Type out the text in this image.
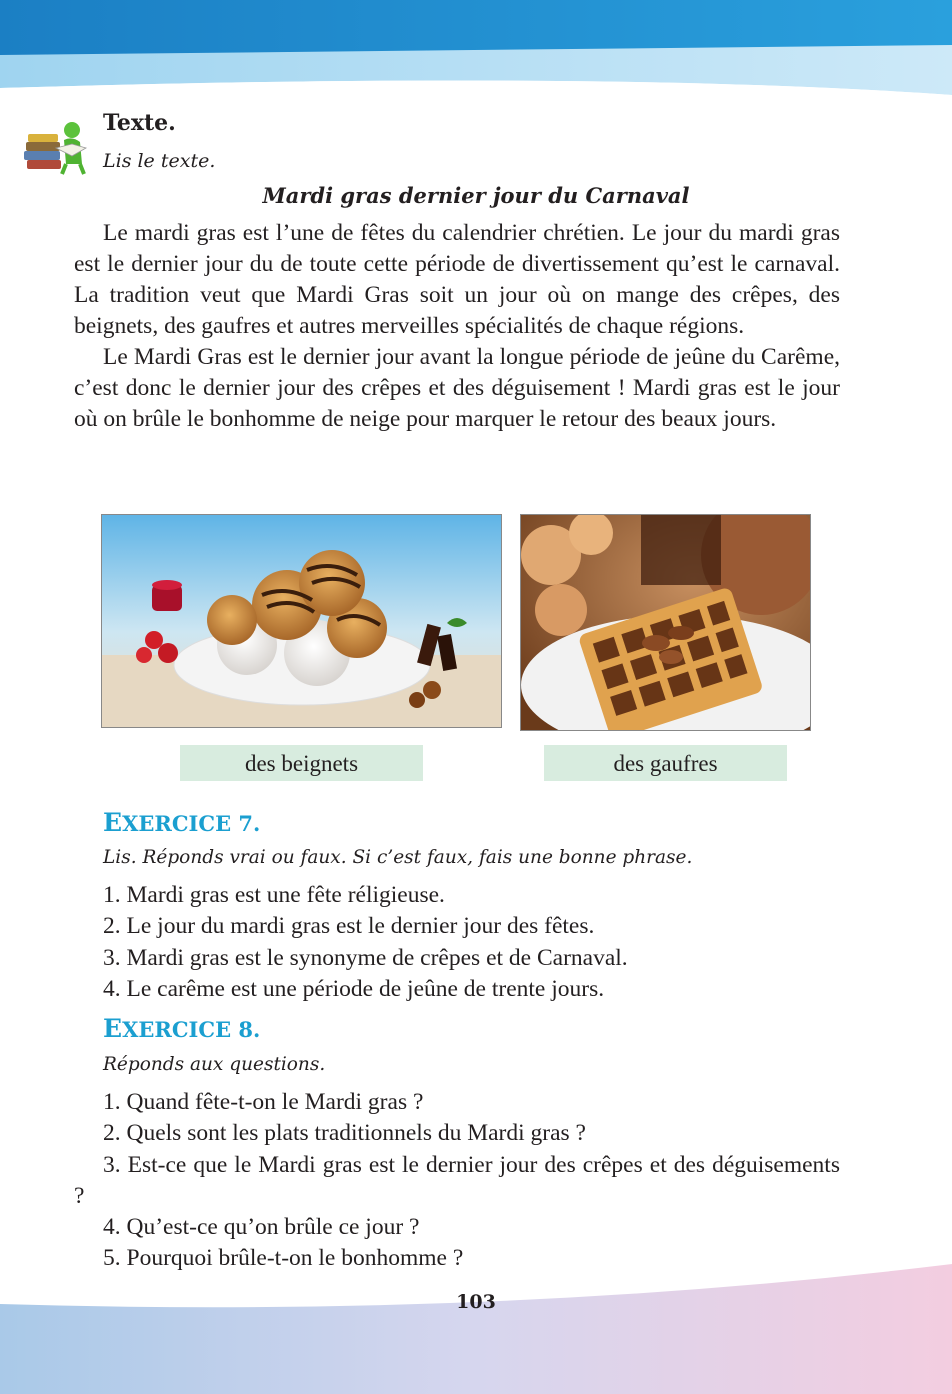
Texte.
Lis le texte.
Mardi gras dernier jour du Carnaval

Le mardi gras est l’une de fêtes du calendrier chrétien. Le jour du mardi gras est le dernier jour du de toute cette période de divertissement qu’est le carnaval. La tradition veut que Mardi Gras soit un jour où on mange des crêpes, des beignets, des gaufres et autres merveilles spécialités de chaque régions.

Le Mardi Gras est le dernier jour avant la longue période de jeûne du Carême, c’est donc le dernier jour des crêpes et des déguisement ! Mardi gras est le jour où on brûle le bonhomme de neige pour marquer le retour des beaux jours.

des beignets	des gaufres
EXERCICE 7.
Lis. Réponds vrai ou faux. Si c’est faux, fais une bonne phrase.
1. Mardi gras est une fête réligieuse.
2. Le jour du mardi gras est le dernier jour des fêtes.
3. Mardi gras est le synonyme de crêpes et de Carnaval.
4. Le carême est une période de jeûne de trente jours.
EXERCICE 8.
Réponds aux questions.
1. Quand fête-t-on le Mardi gras ?
2. Quels sont les plats traditionnels du Mardi gras ?
3. Est-ce que le Mardi gras est le dernier jour des crêpes et des déguisements ?
4. Qu’est-ce qu’on brûle ce jour ?
5. Pourquoi brûle-t-on le bonhomme ?
103
